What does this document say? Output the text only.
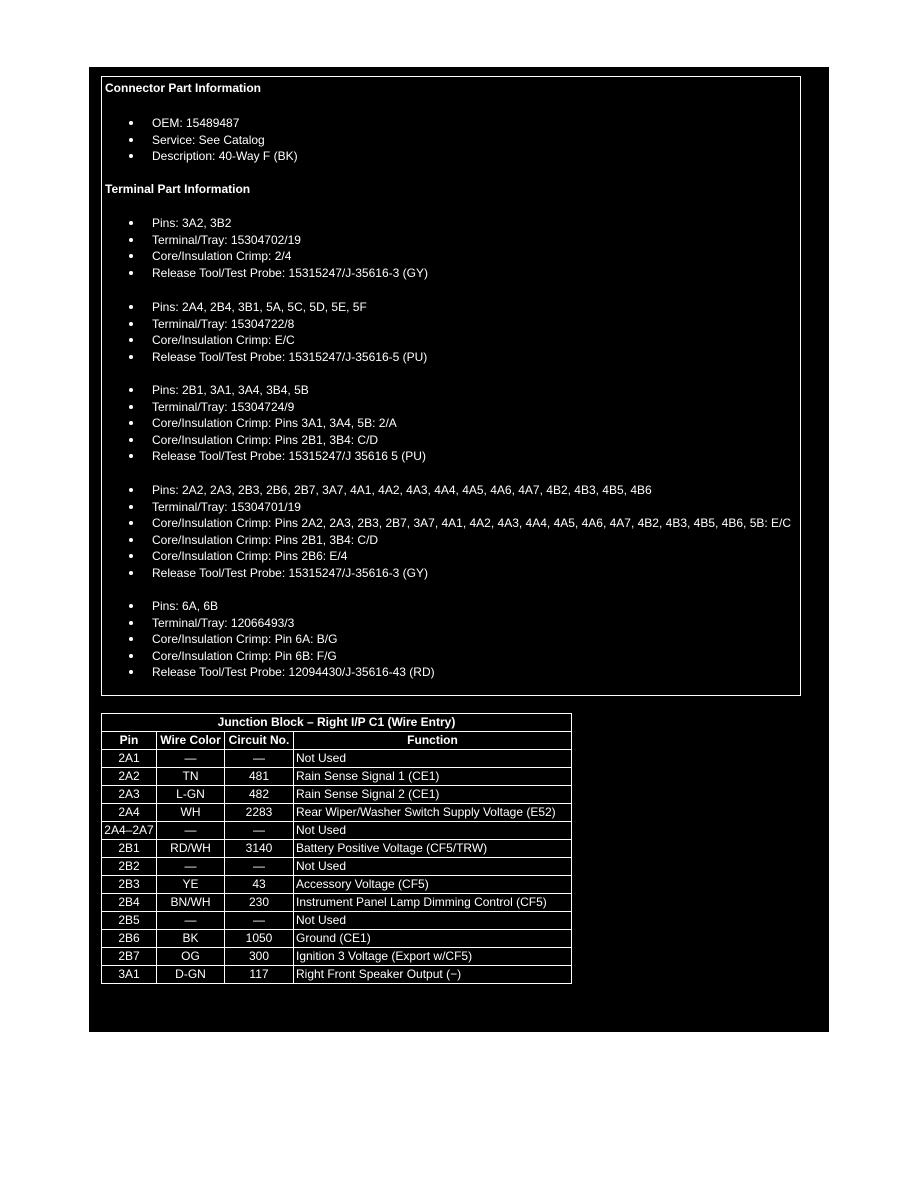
Connector Part Information
OEM: 15489487
Service: See Catalog
Description: 40-Way F (BK)
Terminal Part Information
Pins: 3A2, 3B2
Terminal/Tray: 15304702/19
Core/Insulation Crimp: 2/4
Release Tool/Test Probe: 15315247/J-35616-3 (GY)
Pins: 2A4, 2B4, 3B1, 5A, 5C, 5D, 5E, 5F
Terminal/Tray: 15304722/8
Core/Insulation Crimp: E/C
Release Tool/Test Probe: 15315247/J-35616-5 (PU)
Pins: 2B1, 3A1, 3A4, 3B4, 5B
Terminal/Tray: 15304724/9
Core/Insulation Crimp: Pins 3A1, 3A4, 5B: 2/A
Core/Insulation Crimp: Pins 2B1, 3B4: C/D
Release Tool/Test Probe: 15315247/J 35616 5 (PU)
Pins: 2A2, 2A3, 2B3, 2B6, 2B7, 3A7, 4A1, 4A2, 4A3, 4A4, 4A5, 4A6, 4A7, 4B2, 4B3, 4B5, 4B6
Terminal/Tray: 15304701/19
Core/Insulation Crimp: Pins 2A2, 2A3, 2B3, 2B7, 3A7, 4A1, 4A2, 4A3, 4A4, 4A5, 4A6, 4A7, 4B2, 4B3, 4B5, 4B6, 5B: E/C
Core/Insulation Crimp: Pins 2B1, 3B4: C/D
Core/Insulation Crimp: Pins 2B6: E/4
Release Tool/Test Probe: 15315247/J-35616-3 (GY)
Pins: 6A, 6B
Terminal/Tray: 12066493/3
Core/Insulation Crimp: Pin 6A: B/G
Core/Insulation Crimp: Pin 6B: F/G
Release Tool/Test Probe: 12094430/J-35616-43 (RD)
Junction Block – Right I/P C1 (Wire Entry)			
Pin	Wire Color	Circuit No.	Function
2A1	—	—	Not Used
2A2	TN	481	Rain Sense Signal 1 (CE1)
2A3	L-GN	482	Rain Sense Signal 2 (CE1)
2A4	WH	2283	Rear Wiper/Washer Switch Supply Voltage (E52)
2A4–2A7	—	—	Not Used
2B1	RD/WH	3140	Battery Positive Voltage (CF5/TRW)
2B2	—	—	Not Used
2B3	YE	43	Accessory Voltage (CF5)
2B4	BN/WH	230	Instrument Panel Lamp Dimming Control (CF5)
2B5	—	—	Not Used
2B6	BK	1050	Ground (CE1)
2B7	OG	300	Ignition 3 Voltage (Export w/CF5)
3A1	D-GN	117	Right Front Speaker Output (−)
